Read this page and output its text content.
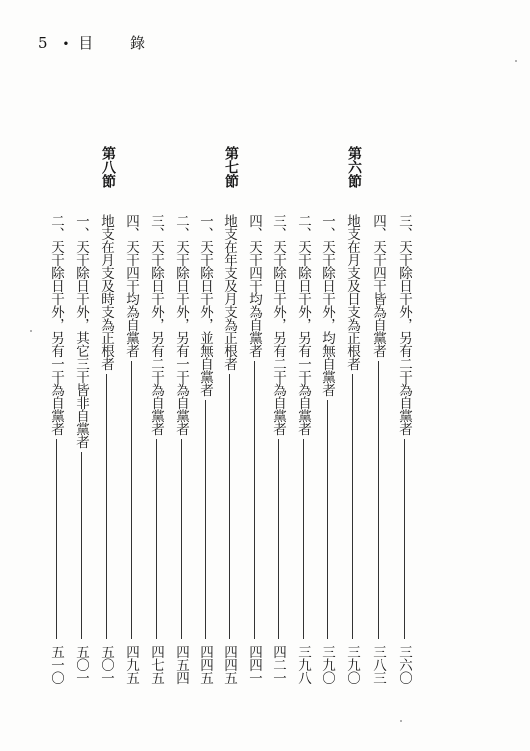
5 • 目 錄
第六節
第七節
第八節
三、天干除日干外，另有二干為自黨者
三六〇
四、天干四干皆為自黨者
三八三
地支在月支及日支為正根者
三九〇
一、天干除日干外，均無自黨者
三九〇
二、天干除日干外，另有一干為自黨者
三九八
三、天干除日干外，另有二干為自黨者
四二一
四、天干四干均為自黨者
四四一
地支在年支及月支為正根者
四四五
一、天干除日干外，並無自黨者
四四五
二、天干除日干外，另有一干為自黨者
四五四
三、天干除日干外，另有二干為自黨者
四七五
四、天干四干均為自黨者
四九五
地支在月支及時支為正根者
五〇一
一、天干除日干外，其它三干皆非自黨者
五〇一
二、天干除日干外，另有一干為自黨者
五一〇
